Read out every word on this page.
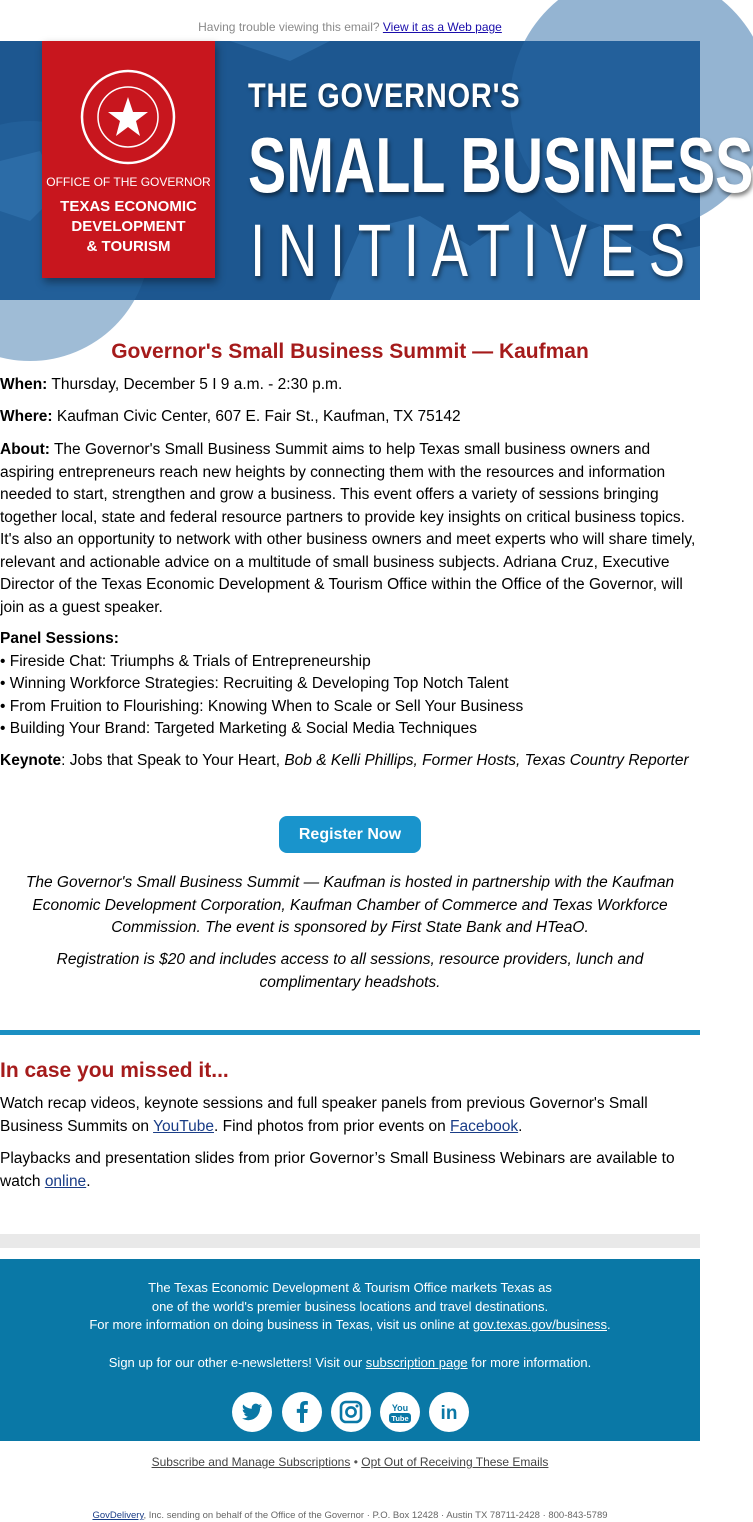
Having trouble viewing this email? View it as a Web page
OFFICE OF THE GOVERNOR
TEXAS ECONOMIC
DEVELOPMENT
& TOURISM
THE GOVERNOR'S
SMALL BUSINESS
INITIATIVES
Governor's Small Business Summit — Kaufman
When: Thursday, December 5 I 9 a.m. - 2:30 p.m.
Where: Kaufman Civic Center, 607 E. Fair St., Kaufman, TX 75142
About: The Governor's Small Business Summit aims to help Texas small business owners and aspiring entrepreneurs reach new heights by connecting them with the resources and information needed to start, strengthen and grow a business. This event offers a variety of sessions bringing together local, state and federal resource partners to provide key insights on critical business topics. It's also an opportunity to network with other business owners and meet experts who will share timely, relevant and actionable advice on a multitude of small business subjects. Adriana Cruz, Executive Director of the Texas Economic Development & Tourism Office within the Office of the Governor, will join as a guest speaker.
Panel Sessions:
• Fireside Chat: Triumphs & Trials of Entrepreneurship
• Winning Workforce Strategies: Recruiting & Developing Top Notch Talent
• From Fruition to Flourishing: Knowing When to Scale or Sell Your Business
• Building Your Brand: Targeted Marketing & Social Media Techniques
Keynote: Jobs that Speak to Your Heart, Bob & Kelli Phillips, Former Hosts, Texas Country Reporter
Register Now
The Governor's Small Business Summit — Kaufman is hosted in partnership with the Kaufman Economic Development Corporation, Kaufman Chamber of Commerce and Texas Workforce Commission. The event is sponsored by First State Bank and HTeaO.
Registration is $20 and includes access to all sessions, resource providers, lunch and complimentary headshots.
In case you missed it...
Watch recap videos, keynote sessions and full speaker panels from previous Governor's Small Business Summits on YouTube. Find photos from prior events on Facebook.
Playbacks and presentation slides from prior Governor’s Small Business Webinars are available to watch online.
The Texas Economic Development & Tourism Office markets Texas as
one of the world's premier business locations and travel destinations.
For more information on doing business in Texas, visit us online at gov.texas.gov/business.
Sign up for our other e-newsletters! Visit our subscription page for more information.
You
Tube in
Subscribe and Manage Subscriptions • Opt Out of Receiving These Emails
GovDelivery, Inc. sending on behalf of the Office of the Governor · P.O. Box 12428 · Austin TX 78711-2428 · 800-843-5789
